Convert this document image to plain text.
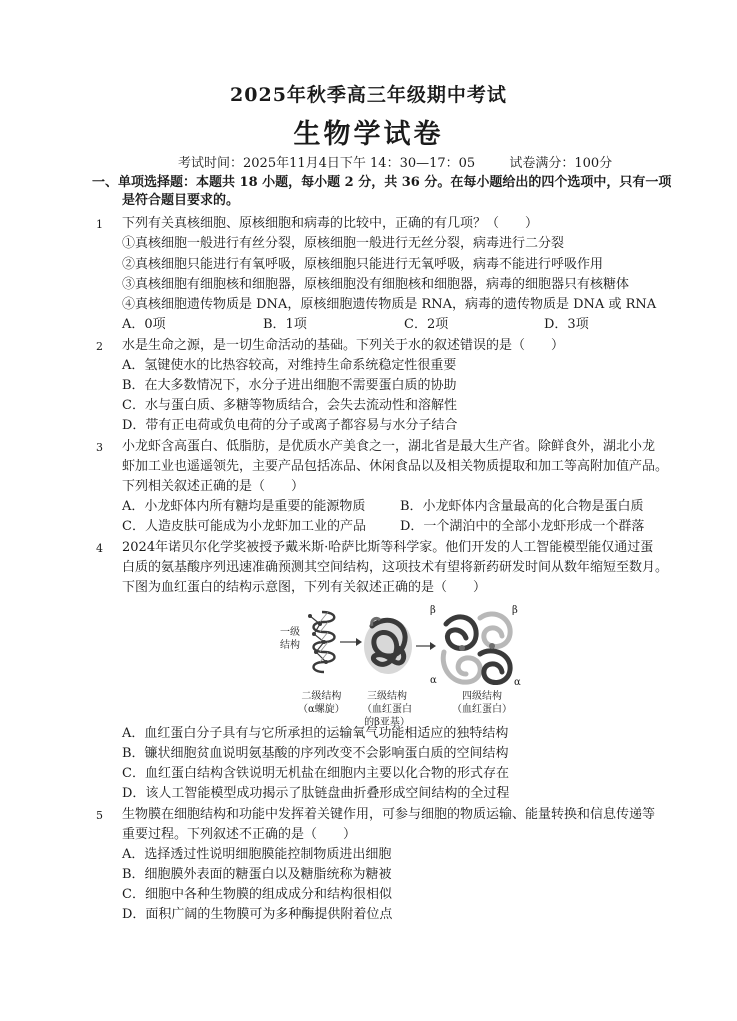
2025年秋季高三年级期中考试
生物学试卷
考试时间：2025年11月4日下午 14：30—17：05	试卷满分：100分
一、单项选择题：本题共 18 小题，每小题 2 分，共 36 分。在每小题给出的四个选项中，只有一项
是符合题目要求的。
1 下列有关真核细胞、原核细胞和病毒的比较中，正确的有几项？（　　）
①真核细胞一般进行有丝分裂，原核细胞一般进行无丝分裂，病毒进行二分裂
②真核细胞只能进行有氧呼吸，原核细胞只能进行无氧呼吸，病毒不能进行呼吸作用
③真核细胞有细胞核和细胞器，原核细胞没有细胞核和细胞器，病毒的细胞器只有核糖体
④真核细胞遗传物质是 DNA，原核细胞遗传物质是 RNA，病毒的遗传物质是 DNA 或 RNA
A．0项	B．1项	C．2项	D．3项
2 水是生命之源，是一切生命活动的基础。下列关于水的叙述错误的是（　　）
A．氢键使水的比热容较高，对维持生命系统稳定性很重要
B．在大多数情况下，水分子进出细胞不需要蛋白质的协助
C．水与蛋白质、多糖等物质结合，会失去流动性和溶解性
D．带有正电荷或负电荷的分子或离子都容易与水分子结合
3 小龙虾含高蛋白、低脂肪，是优质水产美食之一，湖北省是最大生产省。除鲜食外，湖北小龙
虾加工业也遥遥领先，主要产品包括冻品、休闲食品以及相关物质提取和加工等高附加值产品。
下列相关叙述正确的是（　　）
A．小龙虾体内所有糖均是重要的能源物质	B．小龙虾体内含量最高的化合物是蛋白质
C．人造皮肤可能成为小龙虾加工业的产品	D．一个湖泊中的全部小龙虾形成一个群落
4 2024年诺贝尔化学奖被授予戴米斯·哈萨比斯等科学家。他们开发的人工智能模型能仅通过蛋
白质的氨基酸序列迅速准确预测其空间结构，这项技术有望将新药研发时间从数年缩短至数月。
下图为血红蛋白的结构示意图，下列有关叙述正确的是（　　）
一级
结构
二级结构
（α螺旋）
三级结构
（血红蛋白
的β亚基）
四级结构
（血红蛋白）
α	α
β	β
A．血红蛋白分子具有与它所承担的运输氧气功能相适应的独特结构
B．镰状细胞贫血说明氨基酸的序列改变不会影响蛋白质的空间结构
C．血红蛋白结构含铁说明无机盐在细胞内主要以化合物的形式存在
D．该人工智能模型成功揭示了肽链盘曲折叠形成空间结构的全过程
5 生物膜在细胞结构和功能中发挥着关键作用，可参与细胞的物质运输、能量转换和信息传递等
重要过程。下列叙述不正确的是（　　）
A．选择透过性说明细胞膜能控制物质进出细胞
B．细胞膜外表面的糖蛋白以及糖脂统称为糖被
C．细胞中各种生物膜的组成成分和结构很相似
D．面积广阔的生物膜可为多种酶提供附着位点
